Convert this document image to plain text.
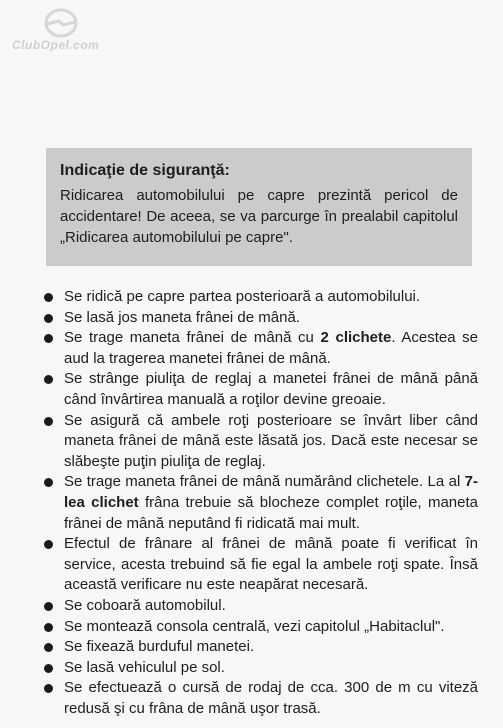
ClubOpel.com

Indicaţie de siguranţă:

Ridicarea automobilului pe capre prezintă pericol de accidentare! De aceea, se va parcurge în prealabil capitolul „Ridicarea automobilului pe capre".

Se ridică pe capre partea posterioară a automobilului.
Se lasă jos maneta frânei de mână.
Se trage maneta frânei de mână cu 2 clichete. Acestea se aud la tragerea manetei frânei de mână.
Se strânge piuliţa de reglaj a manetei frânei de mână până când învârtirea manuală a roţilor devine greoaie.
Se asigură că ambele roţi posterioare se învârt liber când maneta frânei de mână este lăsată jos. Dacă este necesar se slăbeşte puţin piuliţa de reglaj.
Se trage maneta frânei de mână numărând clichetele. La al 7-lea clichet frâna trebuie să blocheze complet roţile, maneta frânei de mână neputând fi ridicată mai mult.
Efectul de frânare al frânei de mână poate fi verificat în service, acesta trebuind să fie egal la ambele roţi spate. Însă această verificare nu este neapărat necesară.
Se coboară automobilul.
Se montează consola centrală, vezi capitolul „Habitaclul".
Se fixează burduful manetei.
Se lasă vehiculul pe sol.
Se efectuează o cursă de rodaj de cca. 300 de m cu viteză redusă şi cu frâna de mână uşor trasă.
